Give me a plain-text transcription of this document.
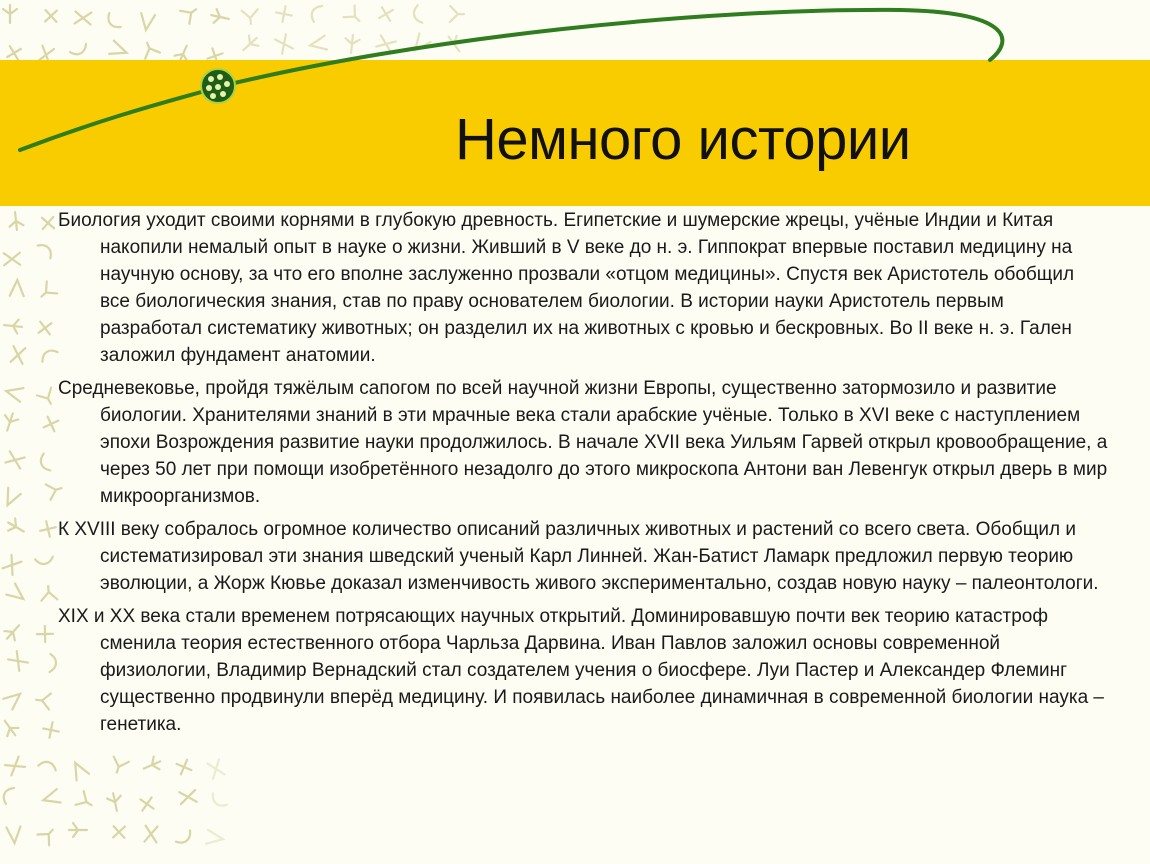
Немного истории

Биология уходит своими корнями в глубокую древность. Египетские и шумерские жрецы, учёные Индии и Китая накопили немалый опыт в науке о жизни. Живший в V веке до н. э. Гиппократ впервые поставил медицину на научную основу, за что его вполне заслуженно прозвали «отцом медицины». Спустя век Аристотель обобщил все биологическия знания, став по праву основателем биологии. В истории науки Аристотель первым разработал систематику животных; он разделил их на животных с кровью и бескровных. Во II веке н. э. Гален заложил фундамент анатомии.

Средневековье, пройдя тяжёлым сапогом по всей научной жизни Европы, существенно затормозило и развитие биологии. Хранителями знаний в эти мрачные века стали арабские учёные. Только в XVI веке с наступлением эпохи Возрождения развитие науки продолжилось. В начале XVII века Уильям Гарвей открыл кровообращение, а через 50 лет при помощи изобретённого незадолго до этого микроскопа Антони ван Левенгук открыл дверь в мир микроорганизмов.

К XVIII веку собралось огромное количество описаний различных животных и растений со всего света. Обобщил и систематизировал эти знания шведский ученый Карл Линней. Жан-Батист Ламарк предложил первую теорию эволюции, а Жорж Кювье доказал изменчивость живого экспериментально, создав новую науку – палеонтологи.

XIX и XX века стали временем потрясающих научных открытий. Доминировавшую почти век теорию катастроф сменила теория естественного отбора Чарльза Дарвина. Иван Павлов заложил основы современной физиологии, Владимир Вернадский стал создателем учения о биосфере. Луи Пастер и Александер Флеминг существенно продвинули вперёд медицину. И появилась наиболее динамичная в современной биологии наука – генетика.
